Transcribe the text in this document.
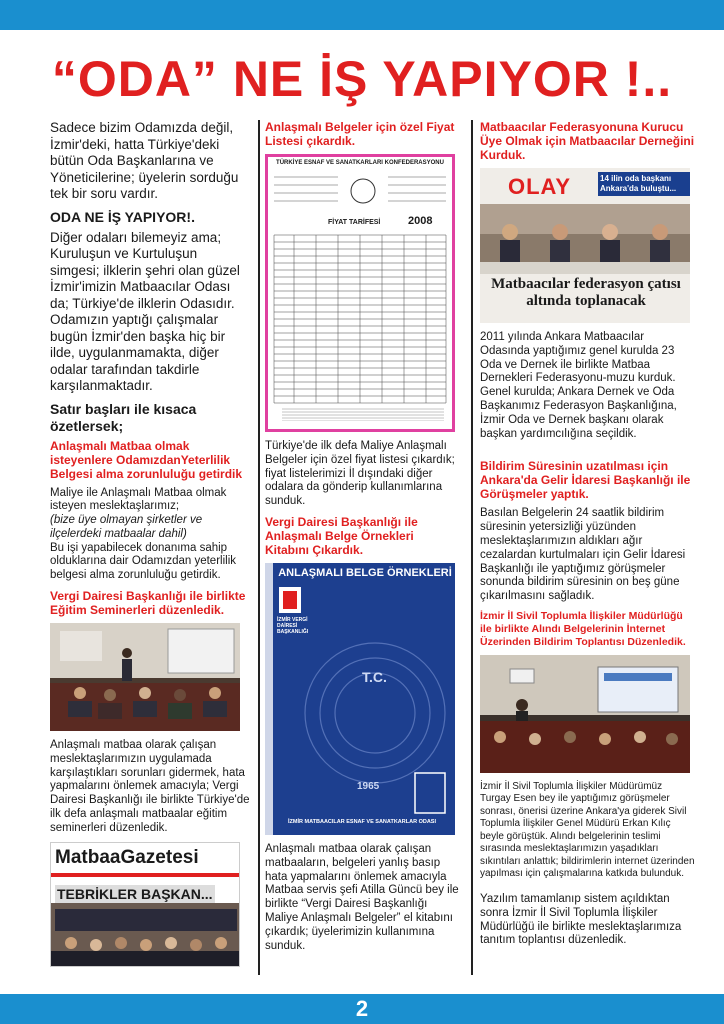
“ODA” NE İŞ YAPIYOR !..

Sadece bizim Odamızda değil, İzmir'deki, hatta Türkiye'deki bütün Oda Başkanlarına ve Yöneticilerine; üyelerin sorduğu tek bir soru vardır.

ODA NE İŞ YAPIYOR!.

Diğer odaları bilemeyiz ama; Kuruluşun ve Kurtuluşun simgesi; ilklerin şehri olan güzel İzmir'imizin Matbaacılar Odası da; Türkiye'de ilklerin Odasıdır. Odamızın yaptığı çalışmalar bugün İzmir'den başka hiç bir ilde, uygulanmamakta, diğer odalar tarafından takdirle karşılanmaktadır.

Satır başları ile kısaca özetlersek;

Anlaşmalı Matbaa olmak isteyenlere OdamızdanYeterlilik Belgesi alma zorunluluğu getirdik

Maliye ile Anlaşmalı Matbaa olmak isteyen meslektaşlarımız;

(bize üye olmayan şirketler ve ilçelerdeki matbaalar dahil)

Bu işi yapabilecek donanıma sahip olduklarına dair Odamızdan yeterlilik belgesi alma zorunluluğu getirdik.

Vergi Dairesi Başkanlığı ile birlikte Eğitim Seminerleri düzenledik.

Anlaşmalı matbaa olarak çalışan meslektaşlarımızın uygulamada karşılaştıkları sorunları gidermek, hata yapmalarını önlemek amacıyla; Vergi Dairesi Başkanlığı ile birlikte Türkiye'de ilk defa anlaşmalı matbaalar eğitim seminerleri düzenledik.

MatbaaGazetesi
TEBRİKLER BAŞKAN...

Anlaşmalı Belgeler için özel Fiyat Listesi çıkardık.

TÜRKİYE ESNAF VE SANATKARLARI KONFEDERASYONU
FİYAT TARİFESİ	2008

Türkiye'de ilk defa Maliye Anlaşmalı Belgeler için özel fiyat listesi çıkardık; fiyat listelerimizi İl dışındaki diğer odalara da gönderip kullanımlarına sunduk.

Vergi Dairesi Başkanlığı ile Anlaşmalı Belge Örnekleri Kitabını Çıkardık.

ANLAŞMALI BELGE ÖRNEKLERİ
İZMİR VERGİ DAİRESİ BAŞKANLIĞI
T.C.
1965
İZMİR MATBAACILAR ESNAF VE SANATKARLAR ODASI

Anlaşmalı matbaa olarak çalışan matbaaların, belgeleri yanlış basıp hata yapmalarını önlemek amacıyla Matbaa servis şefi Atilla Güncü bey ile birlikte “Vergi Dairesi Başkanlığı Maliye Anlaşmalı Belgeler” el kitabını çıkardık; üyelerimizin kullanımına sunduk.

Matbaacılar Federasyonuna Kurucu Üye Olmak için Matbaacılar Derneğini Kurduk.

OLAY	14 ilin oda başkanı Ankara'da buluştu...
Matbaacılar federasyon çatısı altında toplanacak

2011 yılında Ankara Matbaacılar Odasında yaptığımız genel kurulda 23 Oda ve Dernek ile birlikte Matbaa Dernekleri Federasyonu-muzu kurduk. Genel kurulda; Ankara Dernek ve Oda Başkanımız Federasyon Başkanlığına, İzmir Oda ve Dernek başkanı olarak başkan yardımcılığına seçildik.

Bildirim Süresinin uzatılması için Ankara'da Gelir İdaresi Başkanlığı ile Görüşmeler yaptık.

Basılan Belgelerin 24 saatlik bildirim süresinin yetersizliği yüzünden meslektaşlarımızın aldıkları ağır cezalardan kurtulmaları için Gelir İdaresi Başkanlığı ile yaptığımız görüşmeler sonunda bildirim süresinin on beş güne çıkarılmasını sağladık.

İzmir İl Sivil Toplumla İlişkiler Müdürlüğü ile birlikte Alındı Belgelerinin İnternet Üzerinden Bildirim Toplantısı Düzenledik.

İzmir İl Sivil Toplumla İlişkiler Müdürümüz Turgay Esen bey ile yaptığımız görüşmeler sonrası, önerisi üzerine Ankara'ya giderek Sivil Toplumla İlişkiler Genel Müdürü Erkan Kılıç beyle görüştük. Alındı belgelerinin teslimi sırasında meslektaşlarımızın yaşadıkları sıkıntıları anlattık; bildirimlerin internet üzerinden yapılması için çalışmalarına katkıda bulunduk.

Yazılım tamamlanıp sistem açıldıktan sonra İzmir İl Sivil Toplumla İlişkiler Müdürlüğü ile birlikte meslektaşlarımıza tanıtım toplantısı düzenledik.

2
